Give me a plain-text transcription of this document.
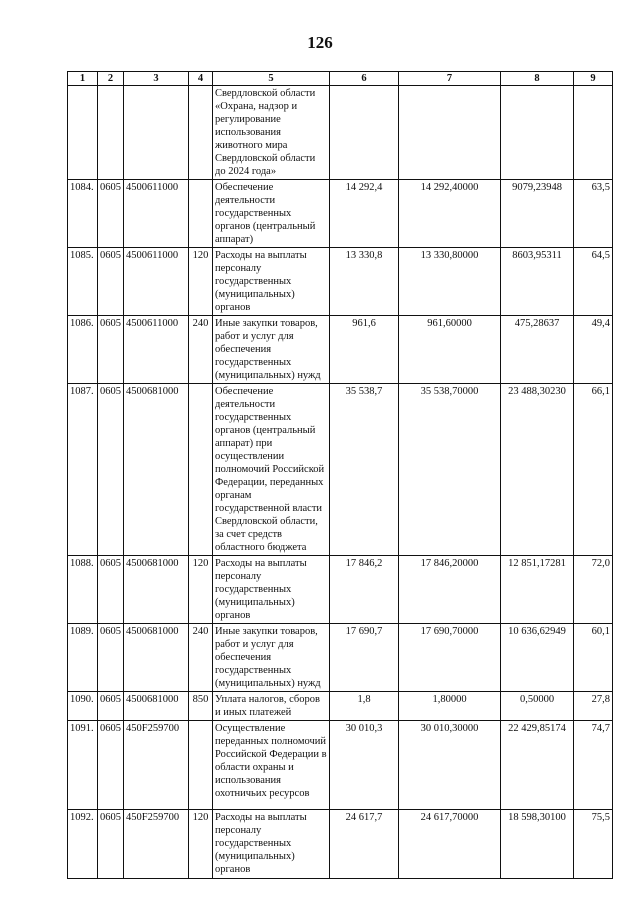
126
1	2	3	4	5	6	7	8	9
				Свердловской области «Охрана, надзор и регулирование использования животного мира Свердловской области до 2024 года»				
1084.	0605	4500611000		Обеспечение деятельности государственных органов (центральный аппарат)	14 292,4	14 292,40000	9079,23948	63,5
1085.	0605	4500611000	120	Расходы на выплаты персоналу государственных (муниципальных) органов	13 330,8	13 330,80000	8603,95311	64,5
1086.	0605	4500611000	240	Иные закупки товаров, работ и услуг для обеспечения государственных (муниципальных) нужд	961,6	961,60000	475,28637	49,4
1087.	0605	4500681000		Обеспечение деятельности государственных органов (центральный аппарат) при осуществлении полномочий Российской Федерации, переданных органам государственной власти Свердловской области, за счет средств областного бюджета	35 538,7	35 538,70000	23 488,30230	66,1
1088.	0605	4500681000	120	Расходы на выплаты персоналу государственных (муниципальных) органов	17 846,2	17 846,20000	12 851,17281	72,0
1089.	0605	4500681000	240	Иные закупки товаров, работ и услуг для обеспечения государственных (муниципальных) нужд	17 690,7	17 690,70000	10 636,62949	60,1
1090.	0605	4500681000	850	Уплата налогов, сборов и иных платежей	1,8	1,80000	0,50000	27,8
1091.	0605	450F259700		Осуществление переданных полномочий Российской Федерации в области охраны и использования охотничьих ресурсов	30 010,3	30 010,30000	22 429,85174	74,7
1092.	0605	450F259700	120	Расходы на выплаты персоналу государственных (муниципальных) органов	24 617,7	24 617,70000	18 598,30100	75,5
